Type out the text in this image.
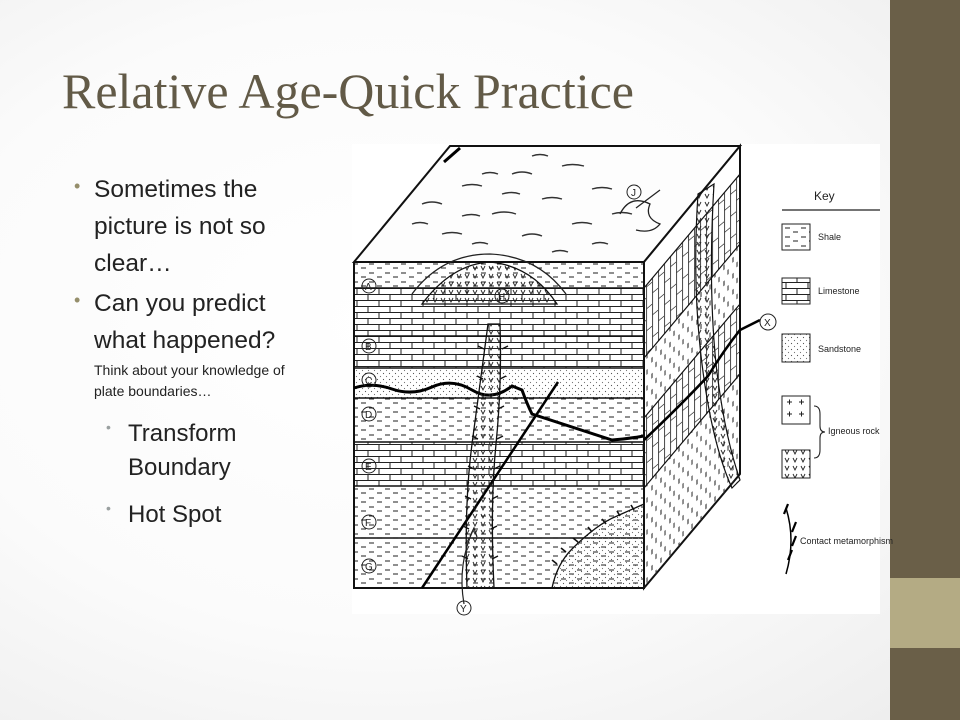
Relative Age-Quick Practice
• Sometimes the picture is not so clear…
• Can you predict what happened?
Think about your knowledge of plate boundaries…
• Transform Boundary
• Hot Spot
A
B
C
D
E
F
G
H
J
X
Y
Key
Shale
Limestone
Sandstone
Igneous rock
Contact metamorphism
